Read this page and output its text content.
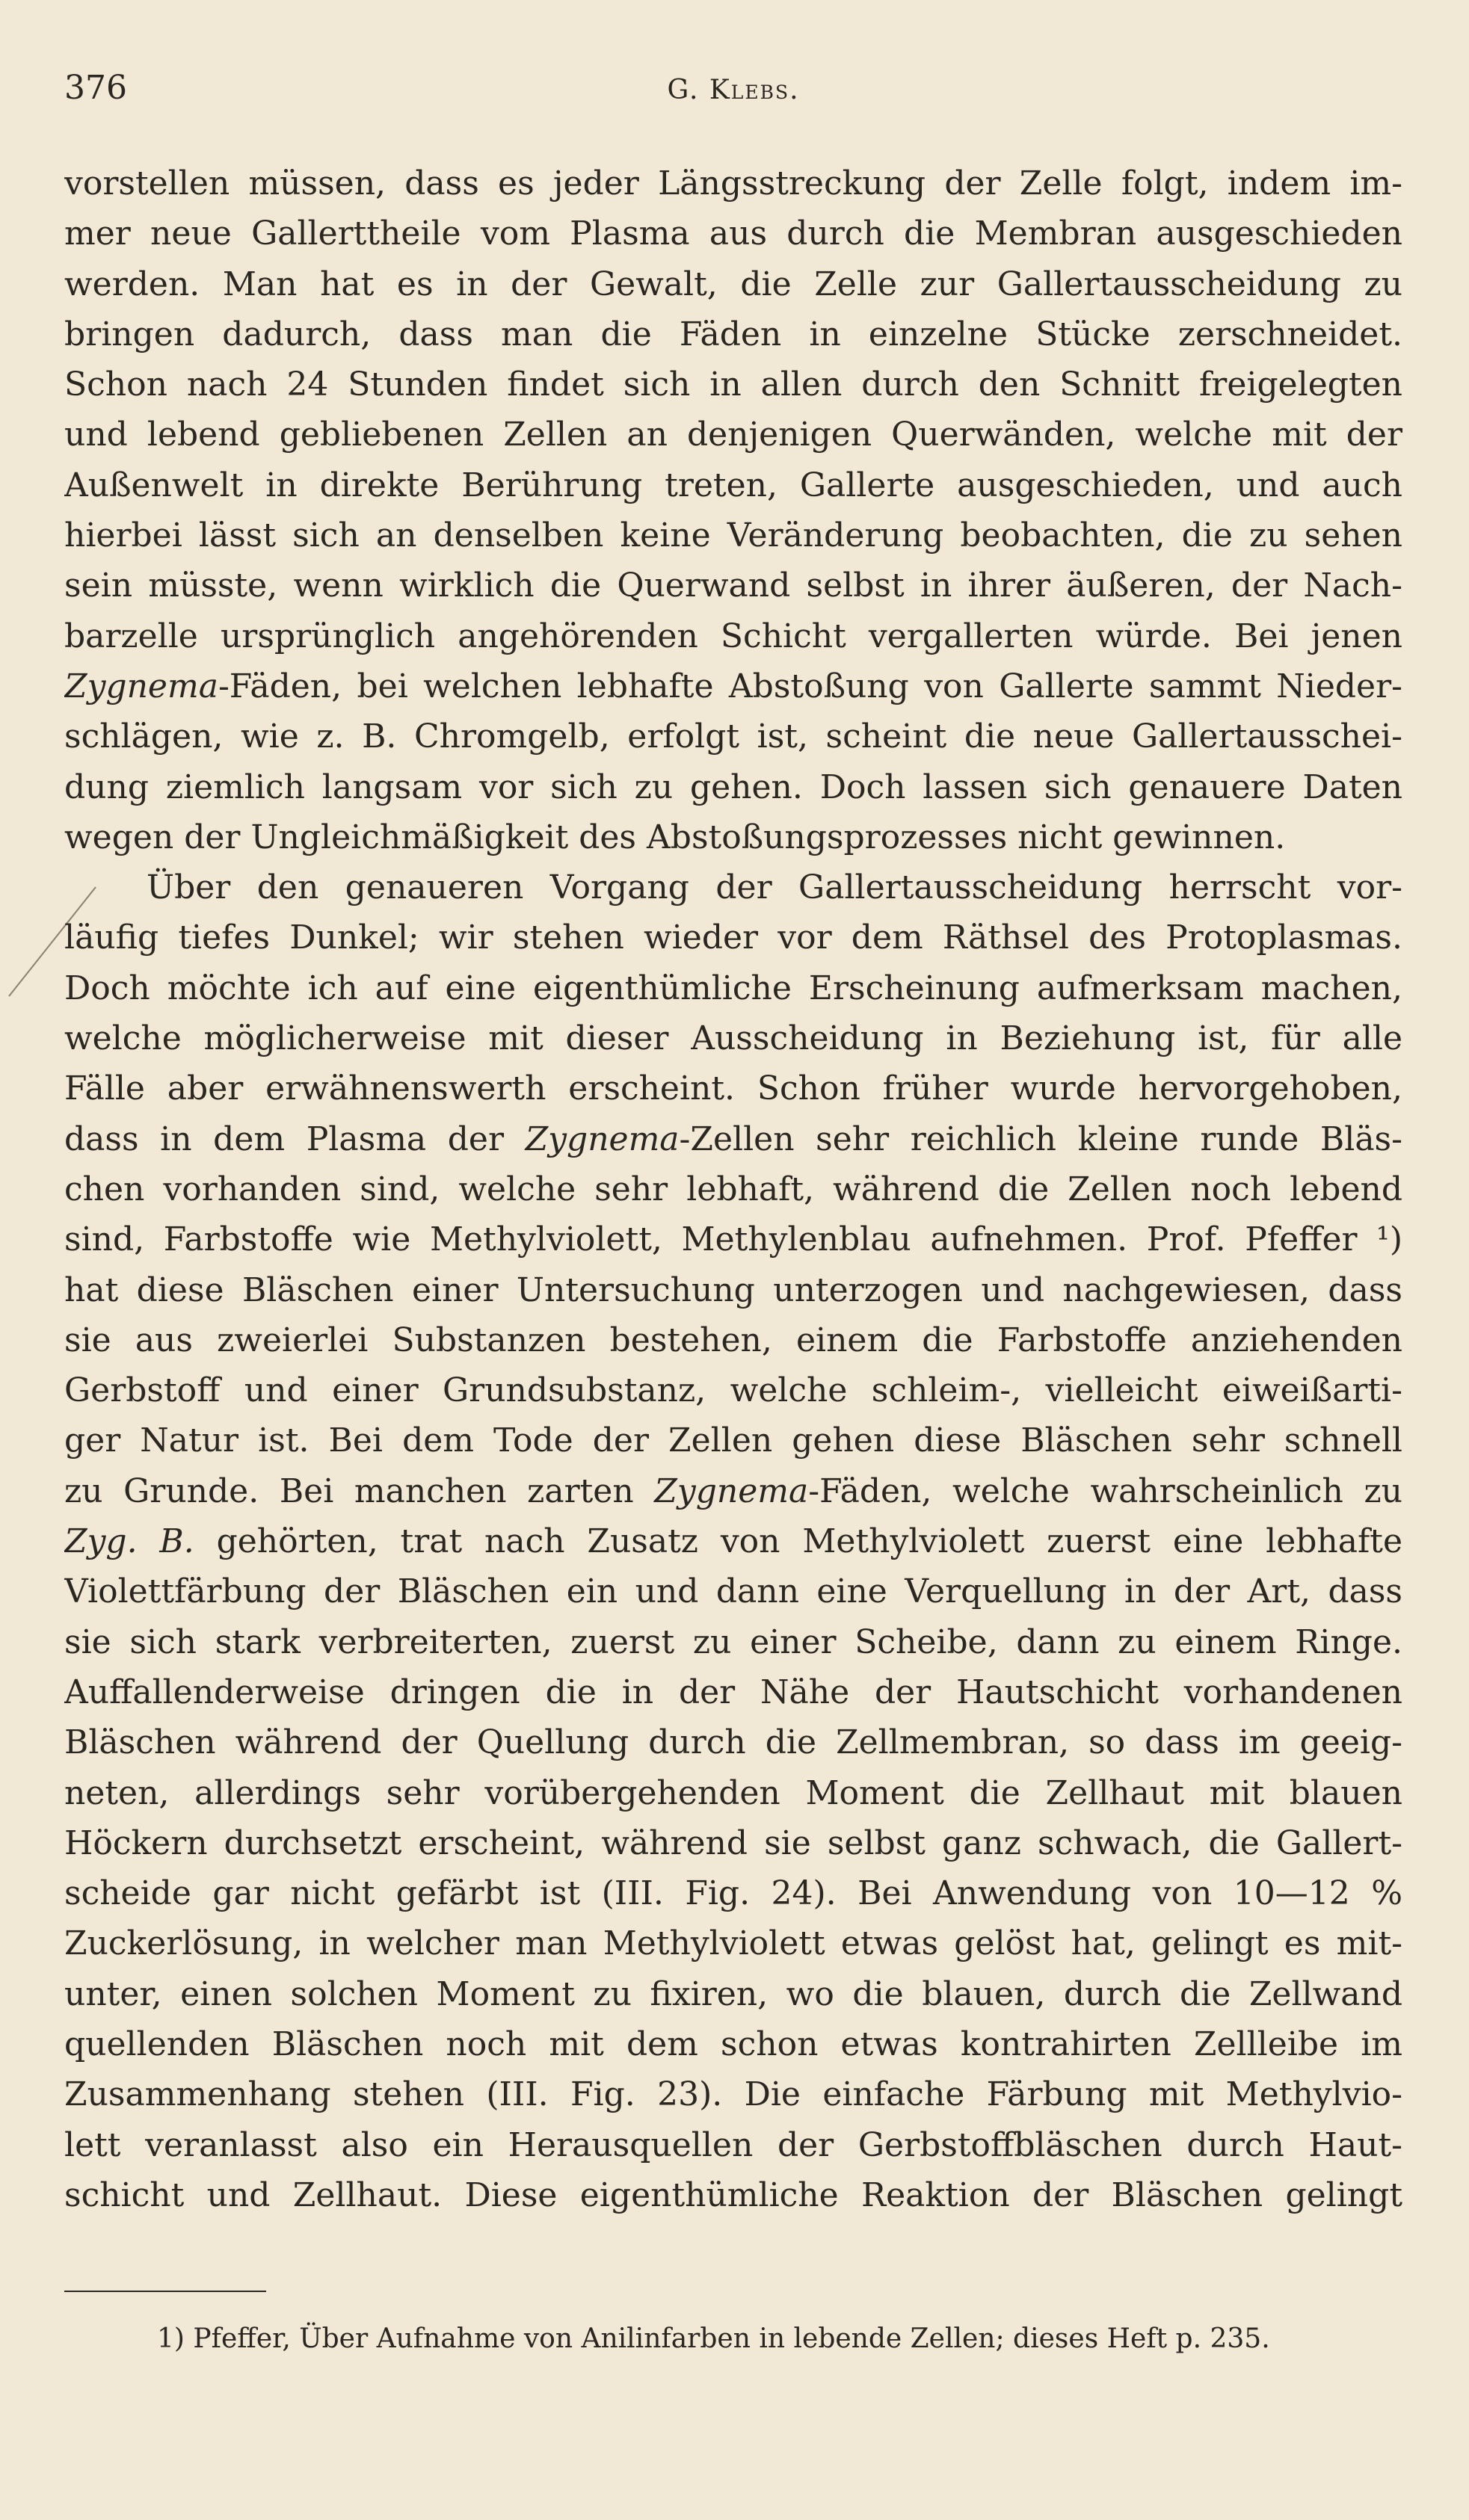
376	G. Klebs.
vorstellen müssen, dass es jeder Längsstreckung der Zelle folgt, indem im-
mer neue Gallerttheile vom Plasma aus durch die Membran ausgeschieden
werden. Man hat es in der Gewalt, die Zelle zur Gallertausscheidung zu
bringen dadurch, dass man die Fäden in einzelne Stücke zerschneidet.
Schon nach 24 Stunden findet sich in allen durch den Schnitt freigelegten
und lebend gebliebenen Zellen an denjenigen Querwänden, welche mit der
Außenwelt in direkte Berührung treten, Gallerte ausgeschieden, und auch
hierbei lässt sich an denselben keine Veränderung beobachten, die zu sehen
sein müsste, wenn wirklich die Querwand selbst in ihrer äußeren, der Nach-
barzelle ursprünglich angehörenden Schicht vergallerten würde. Bei jenen
Zygnema-Fäden, bei welchen lebhafte Abstoßung von Gallerte sammt Nieder-
schlägen, wie z. B. Chromgelb, erfolgt ist, scheint die neue Gallertausschei-
dung ziemlich langsam vor sich zu gehen. Doch lassen sich genauere Daten
wegen der Ungleichmäßigkeit des Abstoßungsprozesses nicht gewinnen.
Über den genaueren Vorgang der Gallertausscheidung herrscht vor-
läufig tiefes Dunkel; wir stehen wieder vor dem Räthsel des Protoplasmas.
Doch möchte ich auf eine eigenthümliche Erscheinung aufmerksam machen,
welche möglicherweise mit dieser Ausscheidung in Beziehung ist, für alle
Fälle aber erwähnenswerth erscheint. Schon früher wurde hervorgehoben,
dass in dem Plasma der Zygnema-Zellen sehr reichlich kleine runde Bläs-
chen vorhanden sind, welche sehr lebhaft, während die Zellen noch lebend
sind, Farbstoffe wie Methylviolett, Methylenblau aufnehmen. Prof. Pfeffer ¹)
hat diese Bläschen einer Untersuchung unterzogen und nachgewiesen, dass
sie aus zweierlei Substanzen bestehen, einem die Farbstoffe anziehenden
Gerbstoff und einer Grundsubstanz, welche schleim-, vielleicht eiweißarti-
ger Natur ist. Bei dem Tode der Zellen gehen diese Bläschen sehr schnell
zu Grunde. Bei manchen zarten Zygnema-Fäden, welche wahrscheinlich zu
Zyg. B. gehörten, trat nach Zusatz von Methylviolett zuerst eine lebhafte
Violettfärbung der Bläschen ein und dann eine Verquellung in der Art, dass
sie sich stark verbreiterten, zuerst zu einer Scheibe, dann zu einem Ringe.
Auffallenderweise dringen die in der Nähe der Hautschicht vorhandenen
Bläschen während der Quellung durch die Zellmembran, so dass im geeig-
neten, allerdings sehr vorübergehenden Moment die Zellhaut mit blauen
Höckern durchsetzt erscheint, während sie selbst ganz schwach, die Gallert-
scheide gar nicht gefärbt ist (III. Fig. 24). Bei Anwendung von 10—12 %
Zuckerlösung, in welcher man Methylviolett etwas gelöst hat, gelingt es mit-
unter, einen solchen Moment zu fixiren, wo die blauen, durch die Zellwand
quellenden Bläschen noch mit dem schon etwas kontrahirten Zellleibe im
Zusammenhang stehen (III. Fig. 23). Die einfache Färbung mit Methylvio-
lett veranlasst also ein Herausquellen der Gerbstoffbläschen durch Haut-
schicht und Zellhaut. Diese eigenthümliche Reaktion der Bläschen gelingt
1) Pfeffer, Über Aufnahme von Anilinfarben in lebende Zellen; dieses Heft p. 235.
